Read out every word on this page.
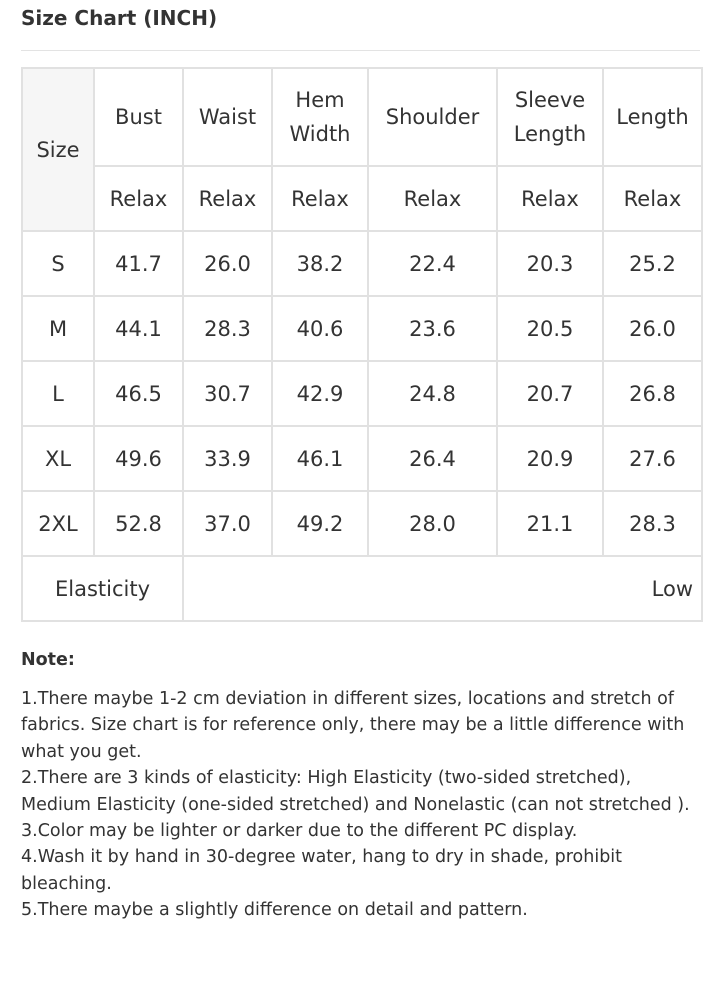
Size Chart (INCH)
Size	Bust	Waist	Hem Width	Shoulder	Sleeve Length	Length
	Relax	Relax	Relax	Relax	Relax	Relax
S	41.7	26.0	38.2	22.4	20.3	25.2
M	44.1	28.3	40.6	23.6	20.5	26.0
L	46.5	30.7	42.9	24.8	20.7	26.8
XL	49.6	33.9	46.1	26.4	20.9	27.6
2XL	52.8	37.0	49.2	28.0	21.1	28.3
Elasticity		Low				

Note:

1.There maybe 1-2 cm deviation in different sizes, locations and stretch of fabrics. Size chart is for reference only, there may be a little difference with what you get.

2.There are 3 kinds of elasticity: High Elasticity (two-sided stretched), Medium Elasticity (one-sided stretched) and Nonelastic (can not stretched ).

3.Color may be lighter or darker due to the different PC display.

4.Wash it by hand in 30-degree water, hang to dry in shade, prohibit bleaching.

5.There maybe a slightly difference on detail and pattern.
